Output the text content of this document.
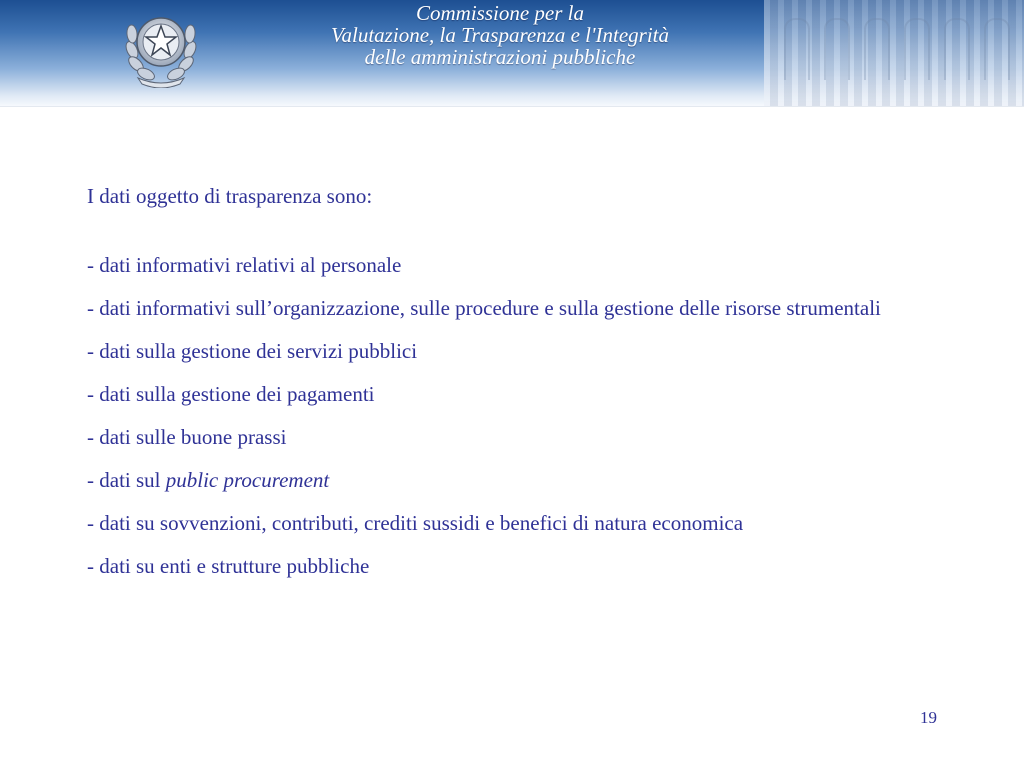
Commissione per la
Valutazione, la Trasparenza e l'Integrità
delle amministrazioni pubbliche

I dati oggetto di trasparenza sono:

- dati informativi relativi al personale
- dati informativi sull’organizzazione, sulle procedure e sulla gestione delle risorse strumentali
- dati sulla gestione dei servizi pubblici
- dati sulla gestione dei pagamenti
- dati sulle buone prassi
- dati sul public procurement
- dati su sovvenzioni, contributi, crediti sussidi e benefici di natura economica
- dati su enti e strutture pubbliche
19
